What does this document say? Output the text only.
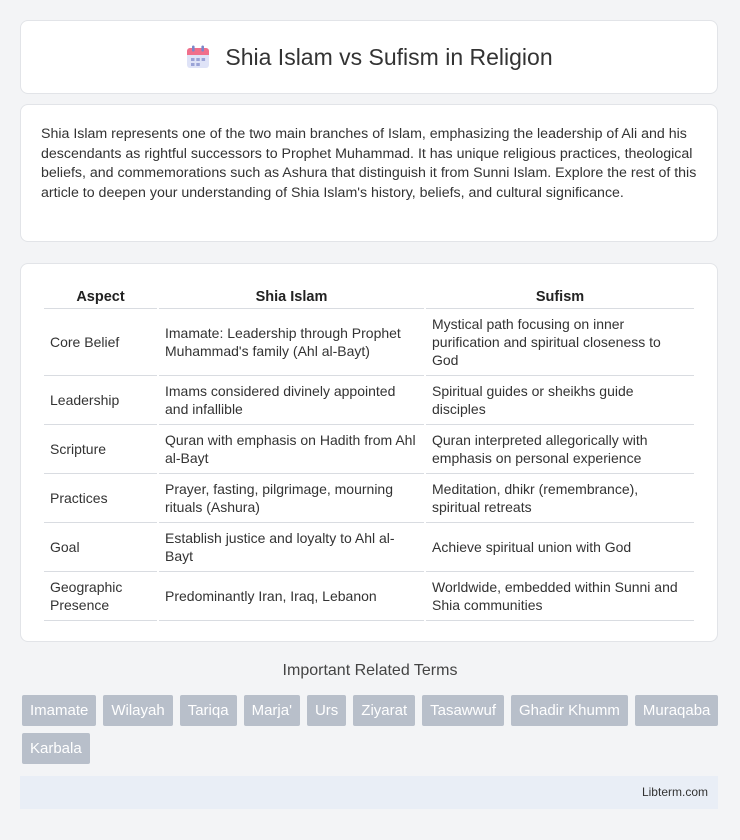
Shia Islam vs Sufism in Religion

Shia Islam represents one of the two main branches of Islam, emphasizing the leadership of Ali and his descendants as rightful successors to Prophet Muhammad. It has unique religious practices, theological beliefs, and commemorations such as Ashura that distinguish it from Sunni Islam. Explore the rest of this article to deepen your understanding of Shia Islam's history, beliefs, and cultural significance.

Aspect	Shia Islam	Sufism
Core Belief	Imamate: Leadership through Prophet Muhammad's family (Ahl al-Bayt)	Mystical path focusing on inner purification and spiritual closeness to God
Leadership	Imams considered divinely appointed and infallible	Spiritual guides or sheikhs guide disciples
Scripture	Quran with emphasis on Hadith from Ahl al-Bayt	Quran interpreted allegorically with emphasis on personal experience
Practices	Prayer, fasting, pilgrimage, mourning rituals (Ashura)	Meditation, dhikr (remembrance), spiritual retreats
Goal	Establish justice and loyalty to Ahl al-Bayt	Achieve spiritual union with God
Geographic Presence	Predominantly Iran, Iraq, Lebanon	Worldwide, embedded within Sunni and Shia communities
Important Related Terms
Imamate	Wilayah	Tariqa	Marja'	Urs	Ziyarat	Tasawwuf	Ghadir Khumm	Muraqaba
Karbala
Libterm.com
